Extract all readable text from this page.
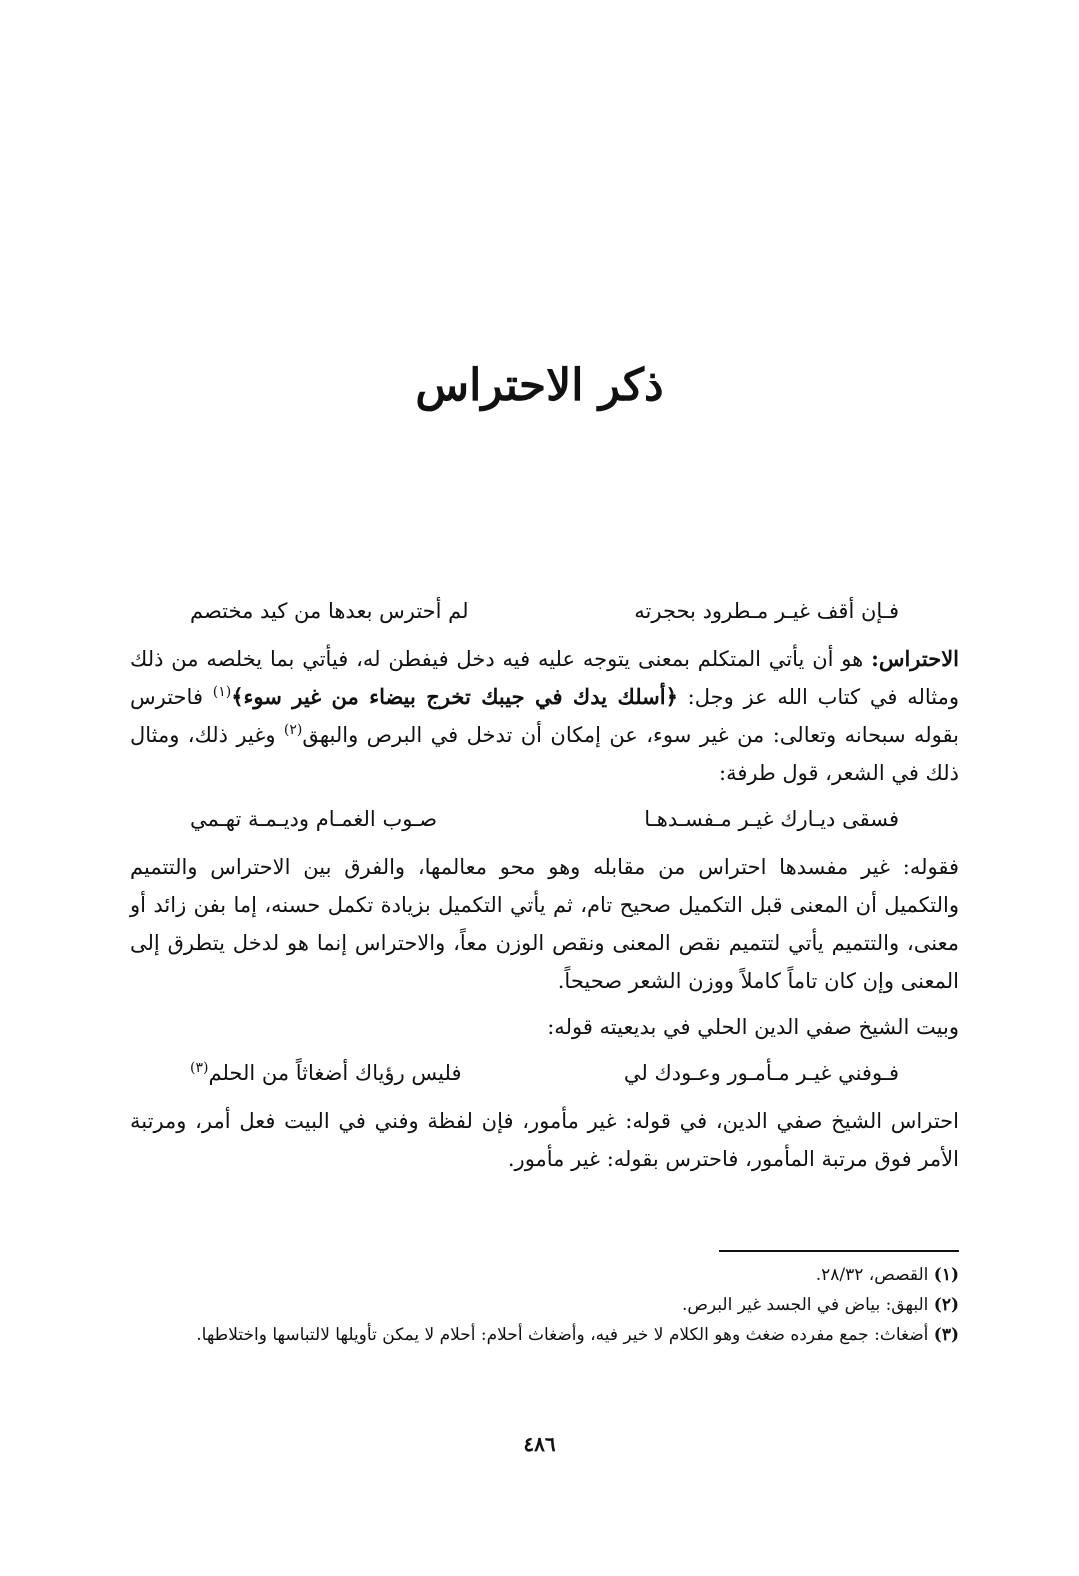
ذكر الاحتراس
فـإن أقف غيـر مـطرود بحجرته
لم أحترس بعدها من كيد مختصم

الاحتراس: هو أن يأتي المتكلم بمعنى يتوجه عليه فيه دخل فيفطن له، فيأتي بما يخلصه من ذلك ومثاله في كتاب الله عز وجل: ﴿أسلك يدك في جيبك تخرج بيضاء من غير سوء﴾$^{(١)}$ فاحترس بقوله سبحانه وتعالى: من غير سوء، عن إمكان أن تدخل في البرص والبهق$^{(٢)}$ وغير ذلك، ومثال ذلك في الشعر، قول طرفة:

فسقى ديـارك غيـر مـفسـدهـا
صـوب الغمـام وديـمـة تهـمي

فقوله: غير مفسدها احتراس من مقابله وهو محو معالمها، والفرق بين الاحتراس والتتميم والتكميل أن المعنى قبل التكميل صحيح تام، ثم يأتي التكميل بزيادة تكمل حسنه، إما بفن زائد أو معنى، والتتميم يأتي لتتميم نقص المعنى ونقص الوزن معاً، والاحتراس إنما هو لدخل يتطرق إلى المعنى وإن كان تاماً كاملاً ووزن الشعر صحيحاً.

وبيت الشيخ صفي الدين الحلي في بديعيته قوله:

فـوفني غيـر مـأمـور وعـودك لي
فليس رؤياك أضغاثاً من الحلم$^{(٣)}$

احتراس الشيخ صفي الدين، في قوله: غير مأمور، فإن لفظة وفني في البيت فعل أمر، ومرتبة الأمر فوق مرتبة المأمور، فاحترس بقوله: غير مأمور.

(١) القصص، ٢٨/٣٢.

(٢) البهق: بياض في الجسد غير البرص.

(٣) أضغاث: جمع مفرده ضغث وهو الكلام لا خير فيه، وأضغاث أحلام: أحلام لا يمكن تأويلها لالتباسها واختلاطها.

٤٨٦
